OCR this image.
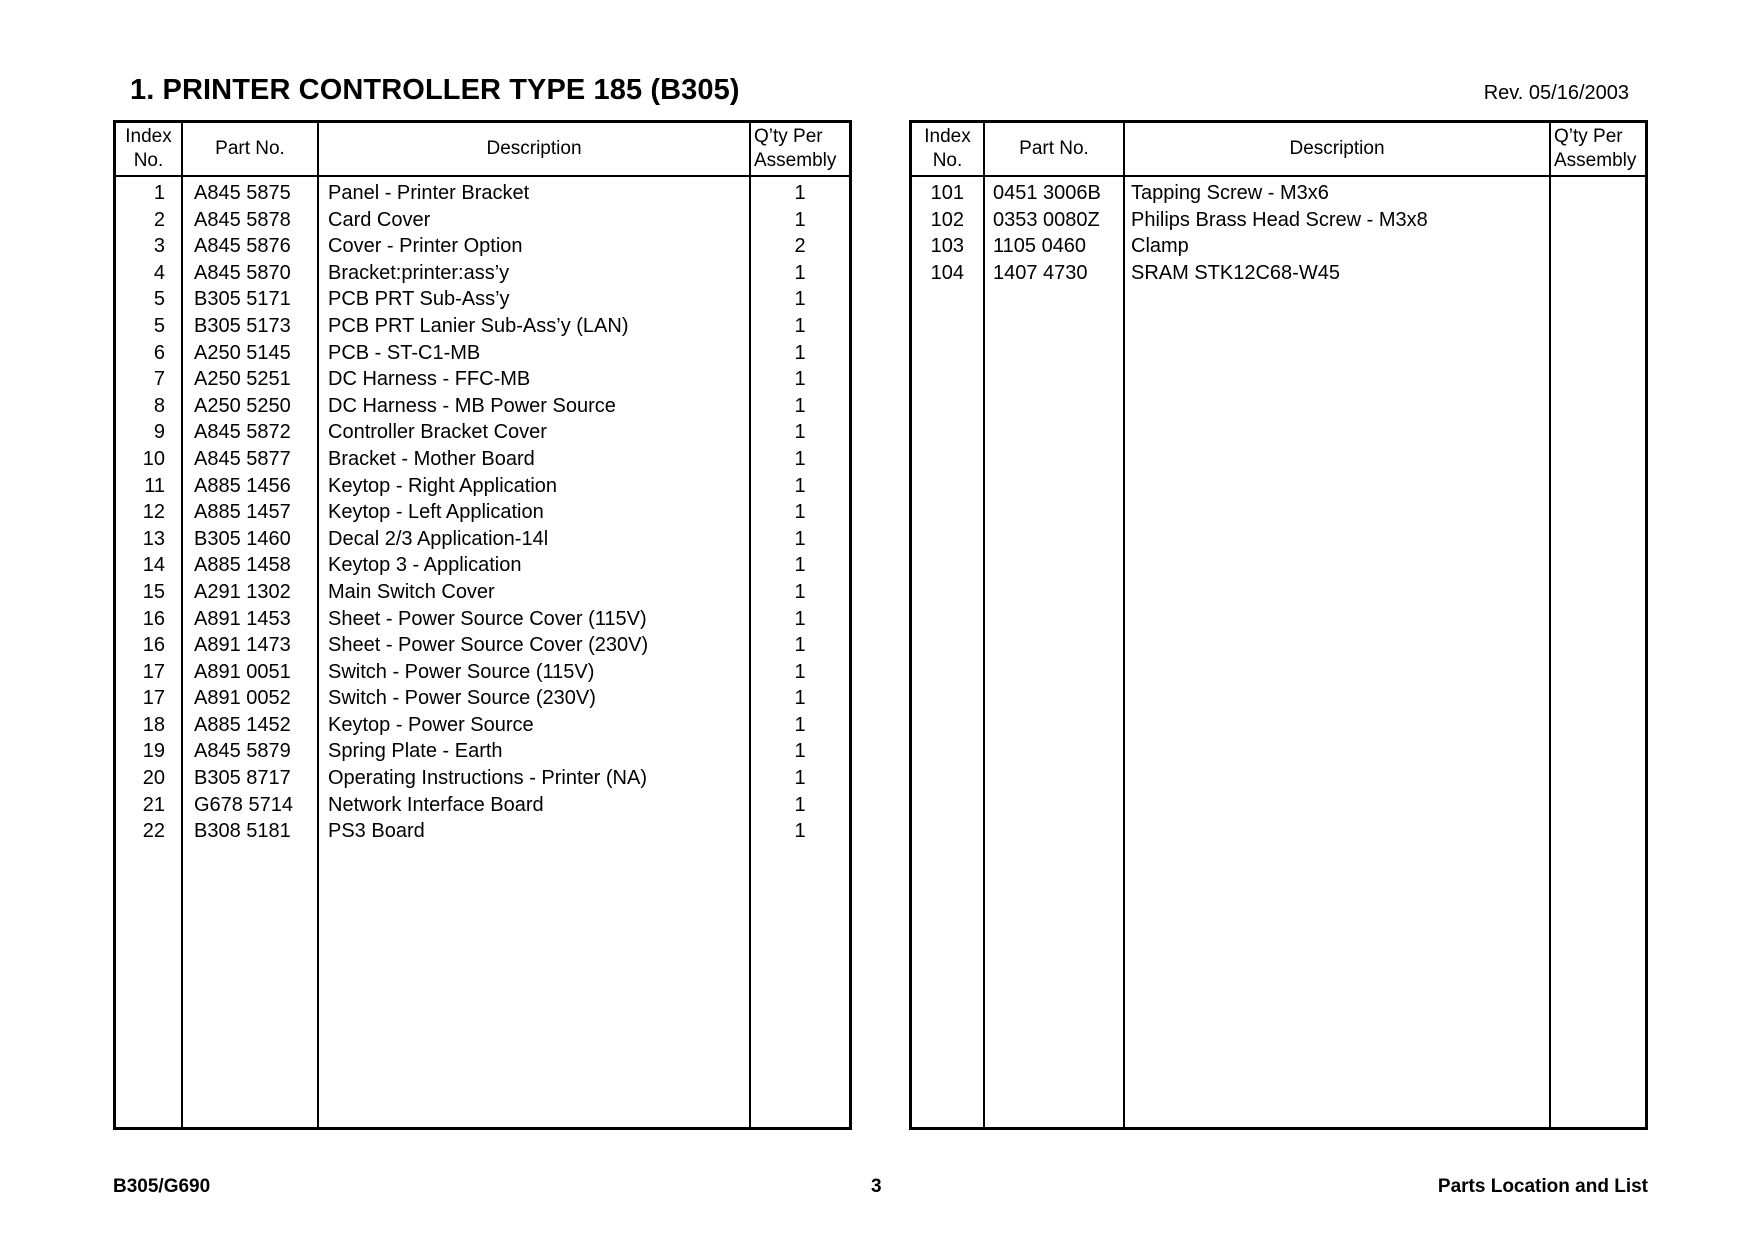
1. PRINTER CONTROLLER TYPE 185 (B305)	Rev. 05/16/2003
Index
No.
Part No.	Description
Q’ty Per
Assembly
1 A845 5875 Panel - Printer Bracket	1
2 A845 5878 Card Cover	1
3 A845 5876 Cover - Printer Option	2
4 A845 5870 Bracket:printer:ass’y	1
5 B305 5171 PCB PRT Sub-Ass’y	1
5 B305 5173 PCB PRT Lanier Sub-Ass’y (LAN)	1
6 A250 5145 PCB - ST-C1-MB	1
7 A250 5251 DC Harness - FFC-MB	1
8 A250 5250 DC Harness - MB Power Source	1
9 A845 5872 Controller Bracket Cover	1
10 A845 5877 Bracket - Mother Board	1
11 A885 1456 Keytop - Right Application	1
12 A885 1457 Keytop - Left Application	1
13 B305 1460 Decal 2/3 Application-14l	1
14 A885 1458 Keytop 3 - Application	1
15 A291 1302 Main Switch Cover	1
16 A891 1453 Sheet - Power Source Cover (115V)	1
16 A891 1473 Sheet - Power Source Cover (230V)	1
17 A891 0051 Switch - Power Source (115V)	1
17 A891 0052 Switch - Power Source (230V)	1
18 A885 1452 Keytop - Power Source	1
19 A845 5879 Spring Plate - Earth	1
20 B305 8717 Operating Instructions - Printer (NA)	1
21 G678 5714 Network Interface Board	1
22 B308 5181 PS3 Board	1
Index
No.
Part No.	Description
Q’ty Per
Assembly
101 0451 3006B Tapping Screw - M3x6
102 0353 0080Z Philips Brass Head Screw - M3x8
103 1105 0460 Clamp
104 1407 4730 SRAM STK12C68-W45
B305/G690	3	Parts Location and List
